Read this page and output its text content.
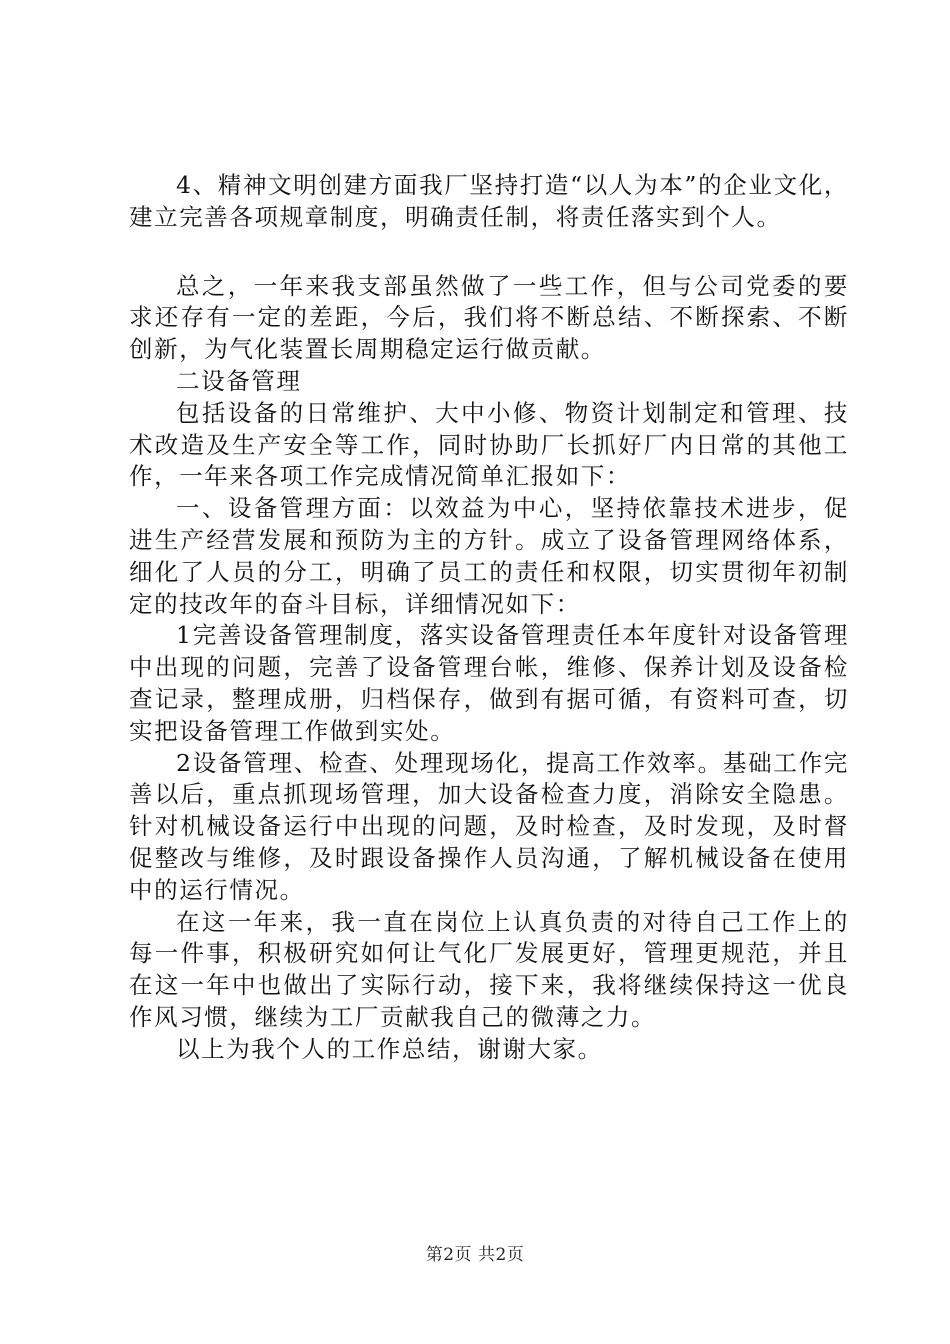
4、精神文明创建方面我厂坚持打造“以人为本”的企业文化，建立完善各项规章制度，明确责任制，将责任落实到个人。

总之，一年来我支部虽然做了一些工作，但与公司党委的要求还存有一定的差距，今后，我们将不断总结、不断探索、不断创新，为气化装置长周期稳定运行做贡献。

二设备管理

包括设备的日常维护、大中小修、物资计划制定和管理、技术改造及生产安全等工作，同时协助厂长抓好厂内日常的其他工作，一年来各项工作完成情况简单汇报如下：

一、设备管理方面：以效益为中心，坚持依靠技术进步，促进生产经营发展和预防为主的方针。成立了设备管理网络体系，细化了人员的分工，明确了员工的责任和权限，切实贯彻年初制定的技改年的奋斗目标，详细情况如下：

1完善设备管理制度，落实设备管理责任本年度针对设备管理中出现的问题，完善了设备管理台帐，维修、保养计划及设备检查记录，整理成册，归档保存，做到有据可循，有资料可查，切实把设备管理工作做到实处。

2设备管理、检查、处理现场化，提高工作效率。基础工作完善以后，重点抓现场管理，加大设备检查力度，消除安全隐患。针对机械设备运行中出现的问题，及时检查，及时发现，及时督促整改与维修，及时跟设备操作人员沟通，了解机械设备在使用中的运行情况。

在这一年来，我一直在岗位上认真负责的对待自己工作上的每一件事，积极研究如何让气化厂发展更好，管理更规范，并且在这一年中也做出了实际行动，接下来，我将继续保持这一优良作风习惯，继续为工厂贡献我自己的微薄之力。

以上为我个人的工作总结，谢谢大家。

第2页 共2页
